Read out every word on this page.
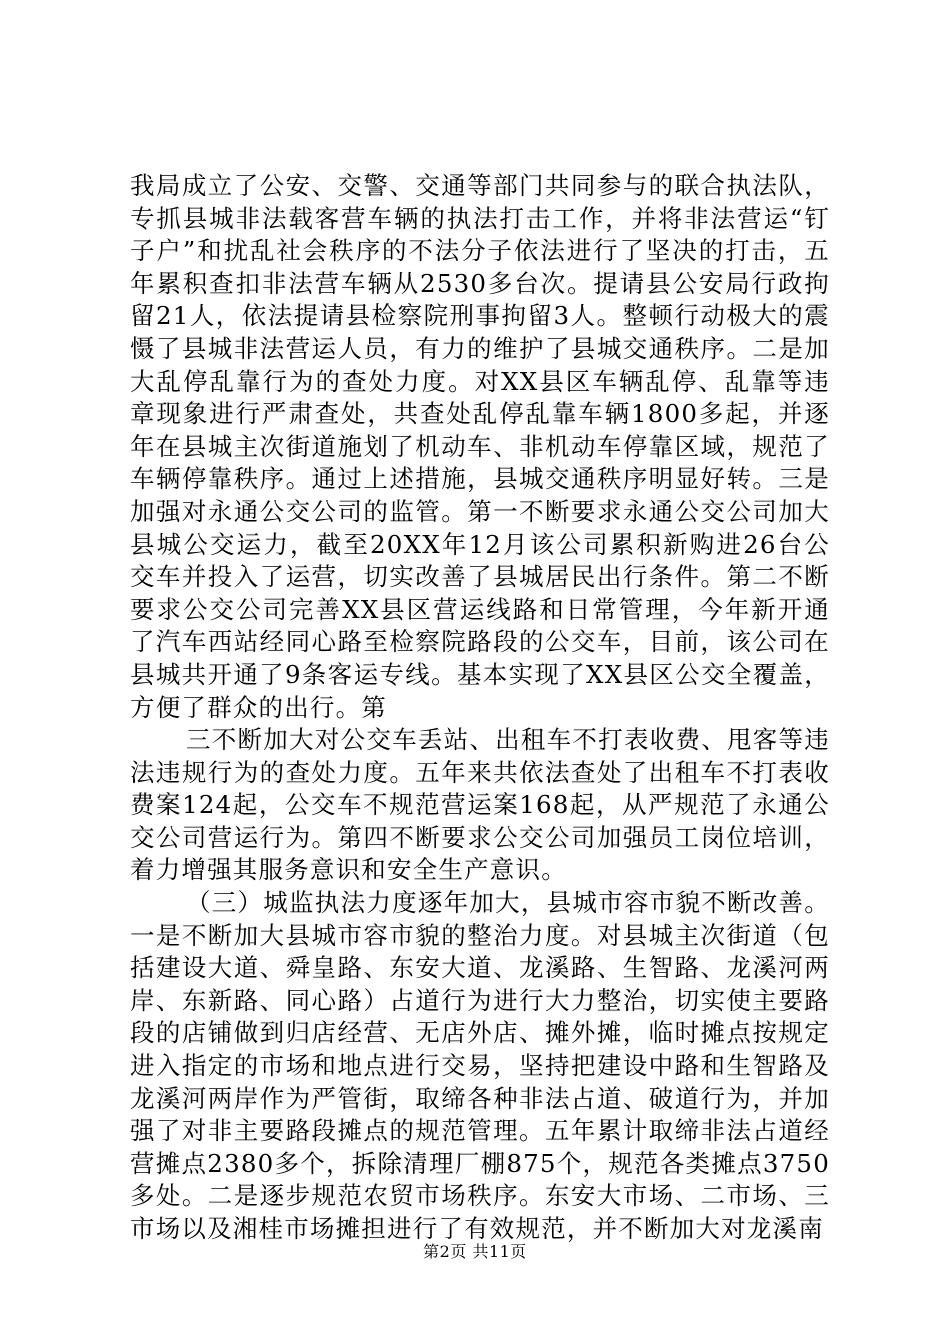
我局成立了公安、交警、交通等部门共同参与的联合执法队，专抓县城非法载客营车辆的执法打击工作，并将非法营运“钉子户”和扰乱社会秩序的不法分子依法进行了坚决的打击，五年累积查扣非法营车辆从2530多台次。提请县公安局行政拘留21人，依法提请县检察院刑事拘留3人。整顿行动极大的震慑了县城非法营运人员，有力的维护了县城交通秩序。二是加大乱停乱靠行为的查处力度。对XX县区车辆乱停、乱靠等违章现象进行严肃查处，共查处乱停乱靠车辆1800多起，并逐年在县城主次街道施划了机动车、非机动车停靠区域，规范了车辆停靠秩序。通过上述措施，县城交通秩序明显好转。三是加强对永通公交公司的监管。第一不断要求永通公交公司加大县城公交运力，截至20XX年12月该公司累积新购进26台公交车并投入了运营，切实改善了县城居民出行条件。第二不断要求公交公司完善XX县区营运线路和日常管理，今年新开通了汽车西站经同心路至检察院路段的公交车，目前，该公司在县城共开通了9条客运专线。基本实现了XX县区公交全覆盖，方便了群众的出行。第

三不断加大对公交车丢站、出租车不打表收费、甩客等违法违规行为的查处力度。五年来共依法查处了出租车不打表收费案124起，公交车不规范营运案168起，从严规范了永通公交公司营运行为。第四不断要求公交公司加强员工岗位培训，着力增强其服务意识和安全生产意识。

（三）城监执法力度逐年加大，县城市容市貌不断改善。一是不断加大县城市容市貌的整治力度。对县城主次街道（包括建设大道、舜皇路、东安大道、龙溪路、生智路、龙溪河两岸、东新路、同心路）占道行为进行大力整治，切实使主要路段的店铺做到归店经营、无店外店、摊外摊，临时摊点按规定进入指定的市场和地点进行交易，坚持把建设中路和生智路及龙溪河两岸作为严管街，取缔各种非法占道、破道行为，并加强了对非主要路段摊点的规范管理。五年累计取缔非法占道经营摊点2380多个，拆除清理厂棚875个，规范各类摊点3750多处。二是逐步规范农贸市场秩序。东安大市场、二市场、三市场以及湘桂市场摊担进行了有效规范，并不断加大对龙溪南

第2页 共11页
